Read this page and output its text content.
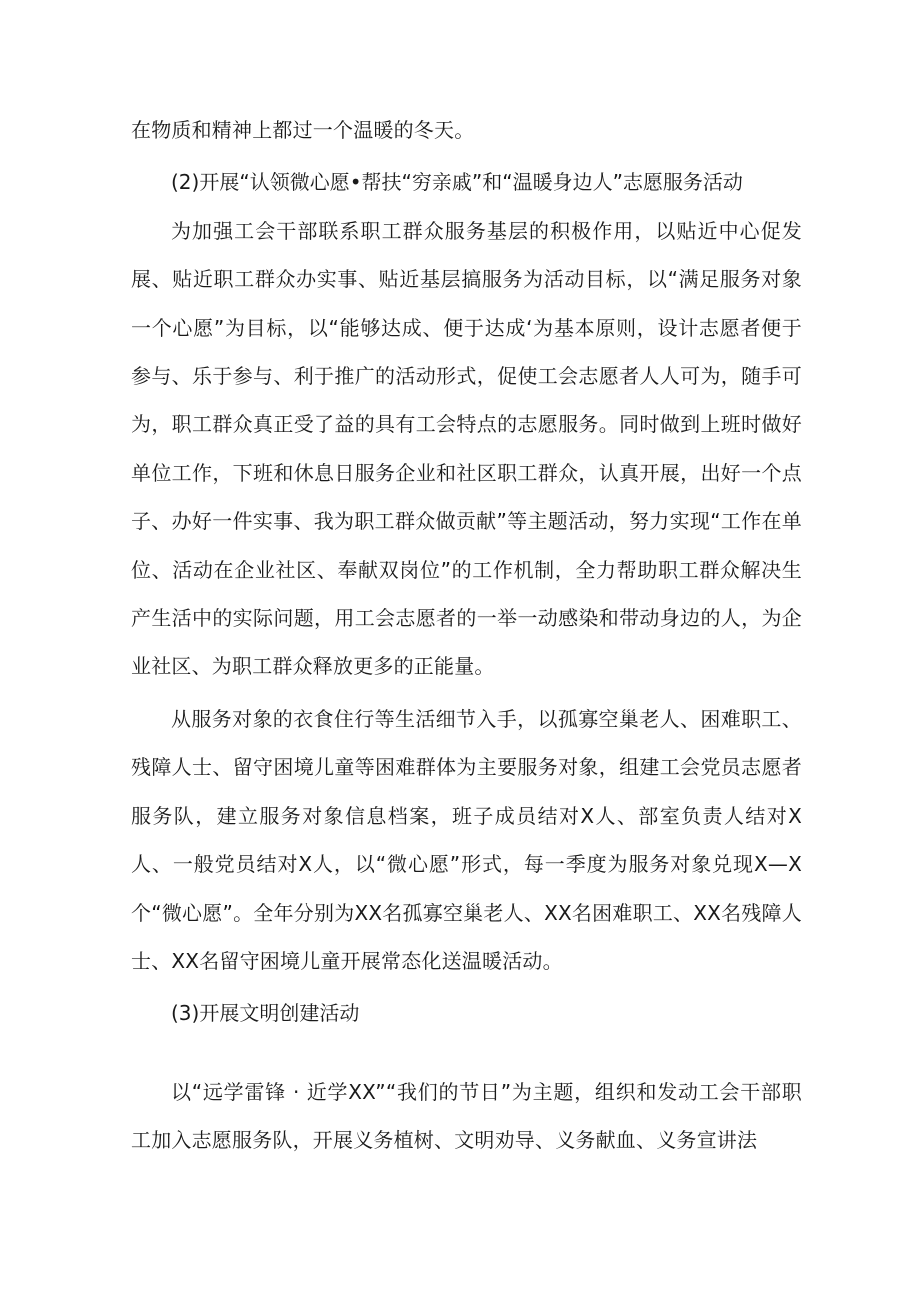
在物质和精神上都过一个温暖的冬天。

(2)开展“认领微心愿•帮扶“穷亲戚”和“温暖身边人”志愿服务活动

为加强工会干部联系职工群众服务基层的积极作用，以贴近中心促发展、贴近职工群众办实事、贴近基层搞服务为活动目标，以“满足服务对象一个心愿”为目标，以“能够达成、便于达成‘为基本原则，设计志愿者便于参与、乐于参与、利于推广的活动形式，促使工会志愿者人人可为，随手可为，职工群众真正受了益的具有工会特点的志愿服务。同时做到上班时做好单位工作，下班和休息日服务企业和社区职工群众，认真开展，出好一个点子、办好一件实事、我为职工群众做贡献”等主题活动，努力实现“工作在单位、活动在企业社区、奉献双岗位”的工作机制，全力帮助职工群众解决生产生活中的实际问题，用工会志愿者的一举一动感染和带动身边的人，为企业社区、为职工群众释放更多的正能量。

从服务对象的衣食住行等生活细节入手，以孤寡空巢老人、困难职工、残障人士、留守困境儿童等困难群体为主要服务对象，组建工会党员志愿者服务队，建立服务对象信息档案，班子成员结对X人、部室负责人结对X人、一般党员结对X人，以“微心愿”形式，每一季度为服务对象兑现X—X个“微心愿”。全年分别为XX名孤寡空巢老人、XX名困难职工、XX名残障人士、XX名留守困境儿童开展常态化送温暖活动。

(3)开展文明创建活动

以“远学雷锋 · 近学XX”“我们的节日”为主题，组织和发动工会干部职工加入志愿服务队，开展义务植树、文明劝导、义务献血、义务宣讲法
